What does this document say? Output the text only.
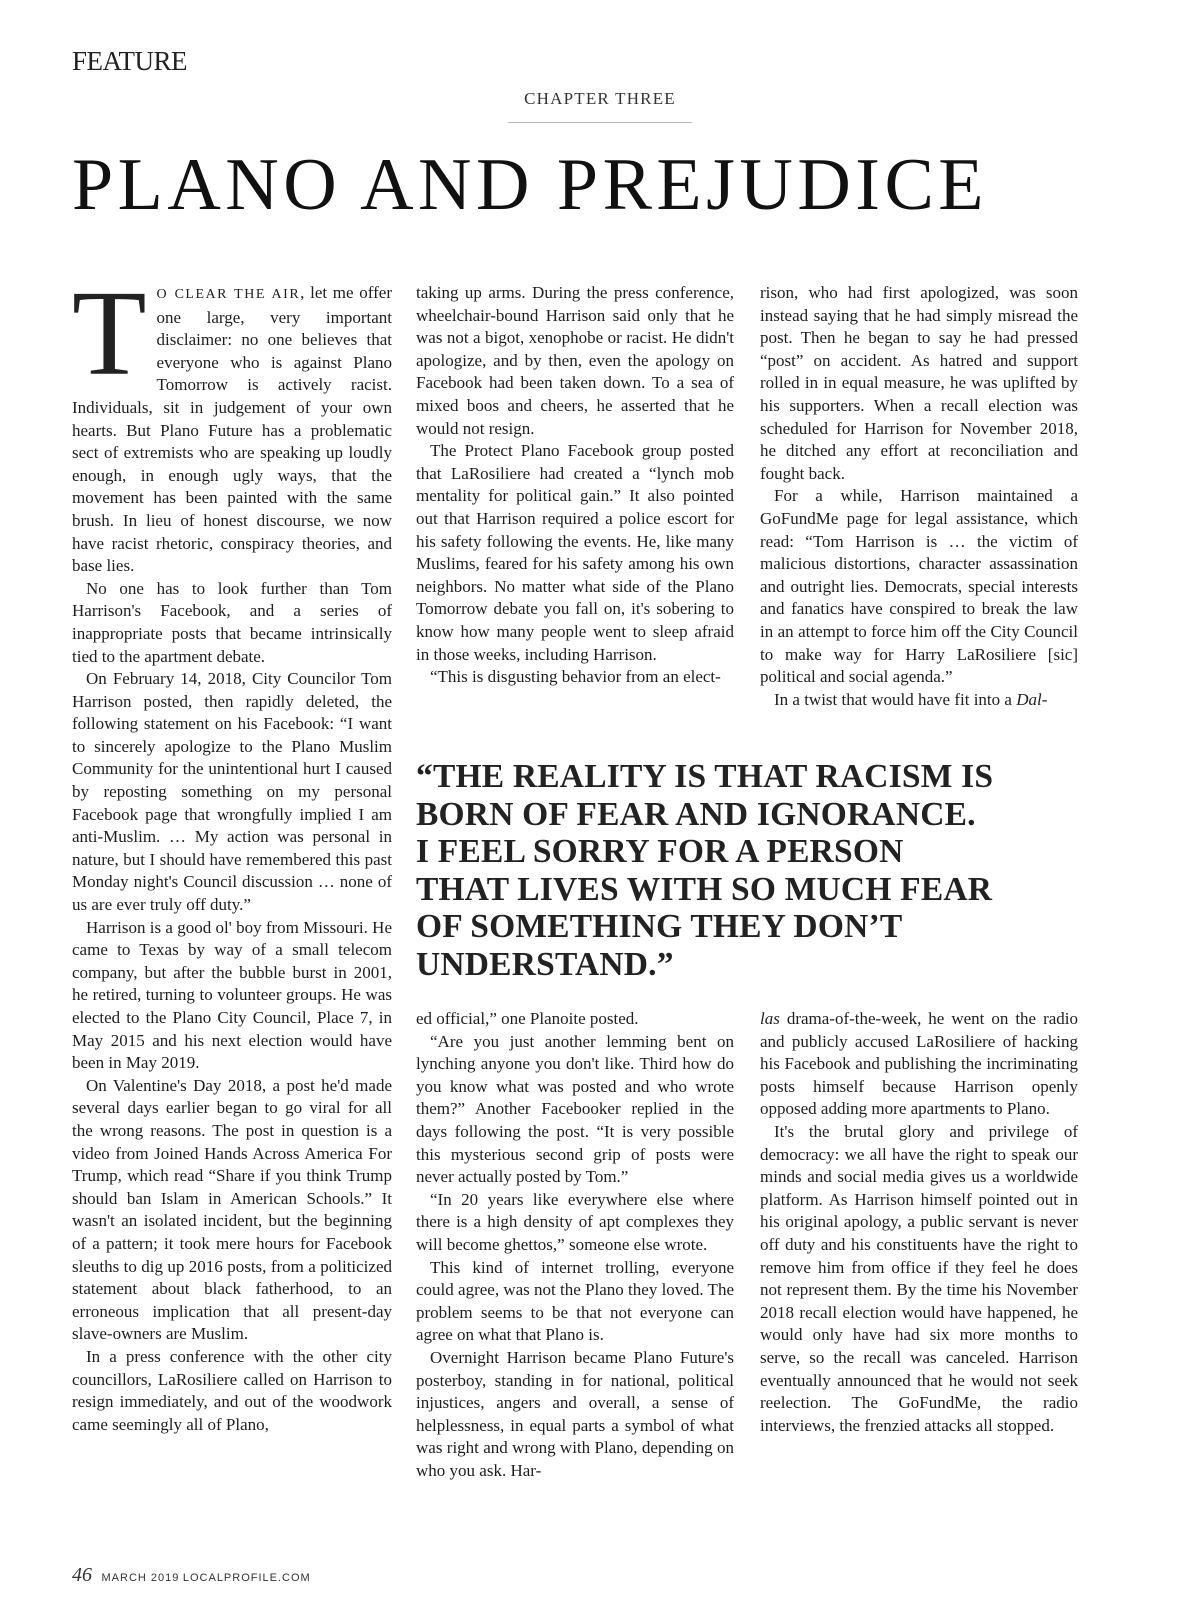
FEATURE
CHAPTER THREE
PLANO AND PREJUDICE

T O CLEAR THE AIR, let me offer one large, very important disclaimer: no one believes that everyone who is against Plano Tomorrow is actively racist. Individuals, sit in judgement of your own hearts. But Plano Future has a problematic sect of extremists who are speaking up loudly enough, in enough ugly ways, that the movement has been painted with the same brush. In lieu of honest discourse, we now have racist rhetoric, conspiracy theories, and base lies.

No one has to look further than Tom Harrison's Facebook, and a series of inappropriate posts that became intrinsically tied to the apartment debate.

On February 14, 2018, City Councilor Tom Harrison posted, then rapidly deleted, the following statement on his Facebook: “I want to sincerely apologize to the Plano Muslim Community for the unintentional hurt I caused by reposting something on my personal Facebook page that wrongfully implied I am anti-Muslim. … My action was personal in nature, but I should have remembered this past Monday night's Council discussion … none of us are ever truly off duty.”

Harrison is a good ol' boy from Missouri. He came to Texas by way of a small telecom company, but after the bubble burst in 2001, he retired, turning to volunteer groups. He was elected to the Plano City Council, Place 7, in May 2015 and his next election would have been in May 2019.

On Valentine's Day 2018, a post he'd made several days earlier began to go viral for all the wrong reasons. The post in question is a video from Joined Hands Across America For Trump, which read “Share if you think Trump should ban Islam in American Schools.” It wasn't an isolated incident, but the beginning of a pattern; it took mere hours for Facebook sleuths to dig up 2016 posts, from a politicized statement about black fatherhood, to an erroneous implication that all present-day slave-owners are Muslim.

In a press conference with the other city councillors, LaRosiliere called on Harrison to resign immediately, and out of the woodwork came seemingly all of Plano,

taking up arms. During the press conference, wheelchair-bound Harrison said only that he was not a bigot, xenophobe or racist. He didn't apologize, and by then, even the apology on Facebook had been taken down. To a sea of mixed boos and cheers, he asserted that he would not resign.

The Protect Plano Facebook group posted that LaRosiliere had created a “lynch mob mentality for political gain.” It also pointed out that Harrison required a police escort for his safety following the events. He, like many Muslims, feared for his safety among his own neighbors. No matter what side of the Plano Tomorrow debate you fall on, it's sobering to know how many people went to sleep afraid in those weeks, including Harrison.

“This is disgusting behavior from an elect-

rison, who had first apologized, was soon instead saying that he had simply misread the post. Then he began to say he had pressed “post” on accident. As hatred and support rolled in in equal measure, he was uplifted by his supporters. When a recall election was scheduled for Harrison for November 2018, he ditched any effort at reconciliation and fought back.

For a while, Harrison maintained a GoFundMe page for legal assistance, which read: “Tom Harrison is … the victim of malicious distortions, character assassination and outright lies. Democrats, special interests and fanatics have conspired to break the law in an attempt to force him off the City Council to make way for Harry LaRosiliere [sic] political and social agenda.”

In a twist that would have fit into a Dal-

“THE REALITY IS THAT RACISM IS
BORN OF FEAR AND IGNORANCE.
I FEEL SORRY FOR A PERSON
THAT LIVES WITH SO MUCH FEAR
OF SOMETHING THEY DON’T
UNDERSTAND.”

ed official,” one Planoite posted.

“Are you just another lemming bent on lynching anyone you don't like. Third how do you know what was posted and who wrote them?” Another Facebooker replied in the days following the post. “It is very possible this mysterious second grip of posts were never actually posted by Tom.”

“In 20 years like everywhere else where there is a high density of apt complexes they will become ghettos,” someone else wrote.

This kind of internet trolling, everyone could agree, was not the Plano they loved. The problem seems to be that not everyone can agree on what that Plano is.

Overnight Harrison became Plano Future's posterboy, standing in for national, political injustices, angers and overall, a sense of helplessness, in equal parts a symbol of what was right and wrong with Plano, depending on who you ask. Har-

las drama-of-the-week, he went on the radio and publicly accused LaRosiliere of hacking his Facebook and publishing the incriminating posts himself because Harrison openly opposed adding more apartments to Plano.

It's the brutal glory and privilege of democracy: we all have the right to speak our minds and social media gives us a worldwide platform. As Harrison himself pointed out in his original apology, a public servant is never off duty and his constituents have the right to remove him from office if they feel he does not represent them. By the time his November 2018 recall election would have happened, he would only have had six more months to serve, so the recall was canceled. Harrison eventually announced that he would not seek reelection. The GoFundMe, the radio interviews, the frenzied attacks all stopped.

46 MARCH 2019 LOCALPROFILE.COM
